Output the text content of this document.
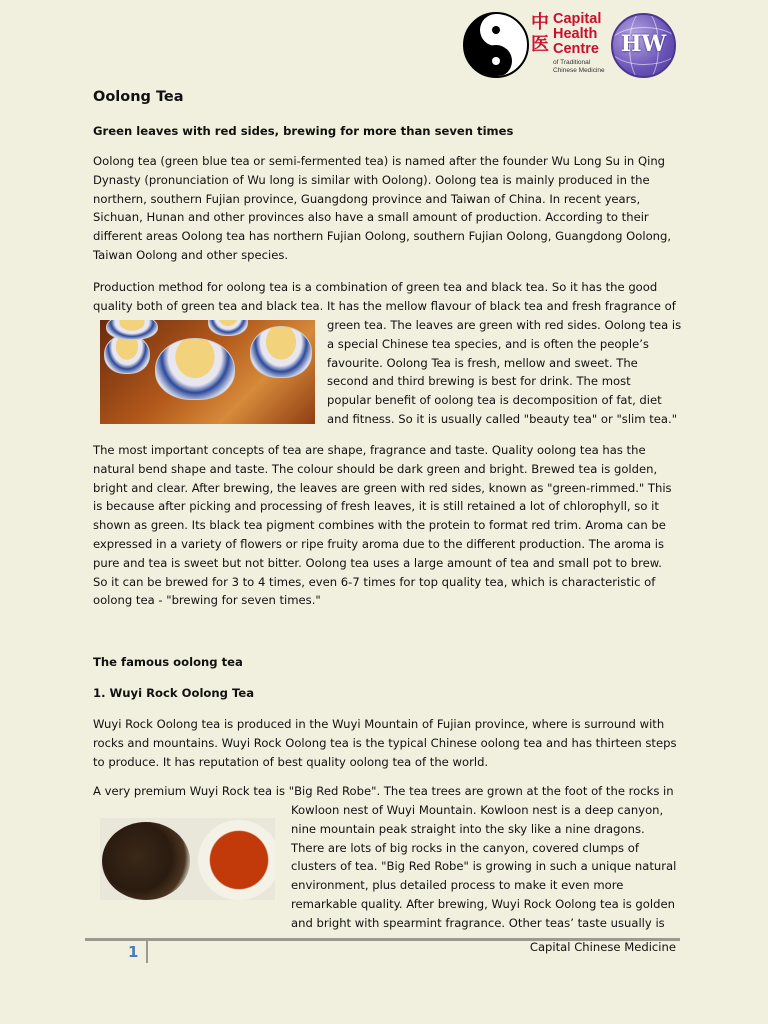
中医
Capital
Health
Centre
of Traditional Chinese Medicine
HW
Oolong Tea
Green leaves with red sides, brewing for more than seven times
Oolong tea (green blue tea or semi-fermented tea) is named after the founder Wu Long Su in Qing Dynasty (pronunciation of Wu long is similar with Oolong). Oolong tea is mainly produced in the northern, southern Fujian province, Guangdong province and Taiwan of China. In recent years, Sichuan, Hunan and other provinces also have a small amount of production. According to their different areas Oolong tea has northern Fujian Oolong, southern Fujian Oolong, Guangdong Oolong, Taiwan Oolong and other species.
Production method for oolong tea is a combination of green tea and black tea. So it has the good
quality both of green tea and black tea. It has the mellow flavour of black tea and fresh fragrance of
green tea. The leaves are green with red sides. Oolong tea is
a special Chinese tea species, and is often the people’s
favourite. Oolong Tea is fresh, mellow and sweet. The
second and third brewing is best for drink. The most
popular benefit of oolong tea is decomposition of fat, diet
and fitness. So it is usually called "beauty tea" or "slim tea."
The most important concepts of tea are shape, fragrance and taste. Quality oolong tea has the natural bend shape and taste. The colour should be dark green and bright. Brewed tea is golden, bright and clear. After brewing, the leaves are green with red sides, known as "green-rimmed." This is because after picking and processing of fresh leaves, it is still retained a lot of chlorophyll, so it shown as green. Its black tea pigment combines with the protein to format red trim. Aroma can be expressed in a variety of flowers or ripe fruity aroma due to the different production. The aroma is pure and tea is sweet but not bitter. Oolong tea uses a large amount of tea and small pot to brew. So it can be brewed for 3 to 4 times, even 6-7 times for top quality tea, which is characteristic of oolong tea - "brewing for seven times."
The famous oolong tea
1. Wuyi Rock Oolong Tea
Wuyi Rock Oolong tea is produced in the Wuyi Mountain of Fujian province, where is surround with rocks and mountains. Wuyi Rock Oolong tea is the typical Chinese oolong tea and has thirteen steps to produce. It has reputation of best quality oolong tea of the world.
A very premium Wuyi Rock tea is "Big Red Robe". The tea trees are grown at the foot of the rocks in
Kowloon nest of Wuyi Mountain. Kowloon nest is a deep canyon,
nine mountain peak straight into the sky like a nine dragons.
There are lots of big rocks in the canyon, covered clumps of
clusters of tea. "Big Red Robe" is growing in such a unique natural
environment, plus detailed process to make it even more
remarkable quality. After brewing, Wuyi Rock Oolong tea is golden
and bright with spearmint fragrance. Other teas’ taste usually is
1	Capital Chinese Medicine
